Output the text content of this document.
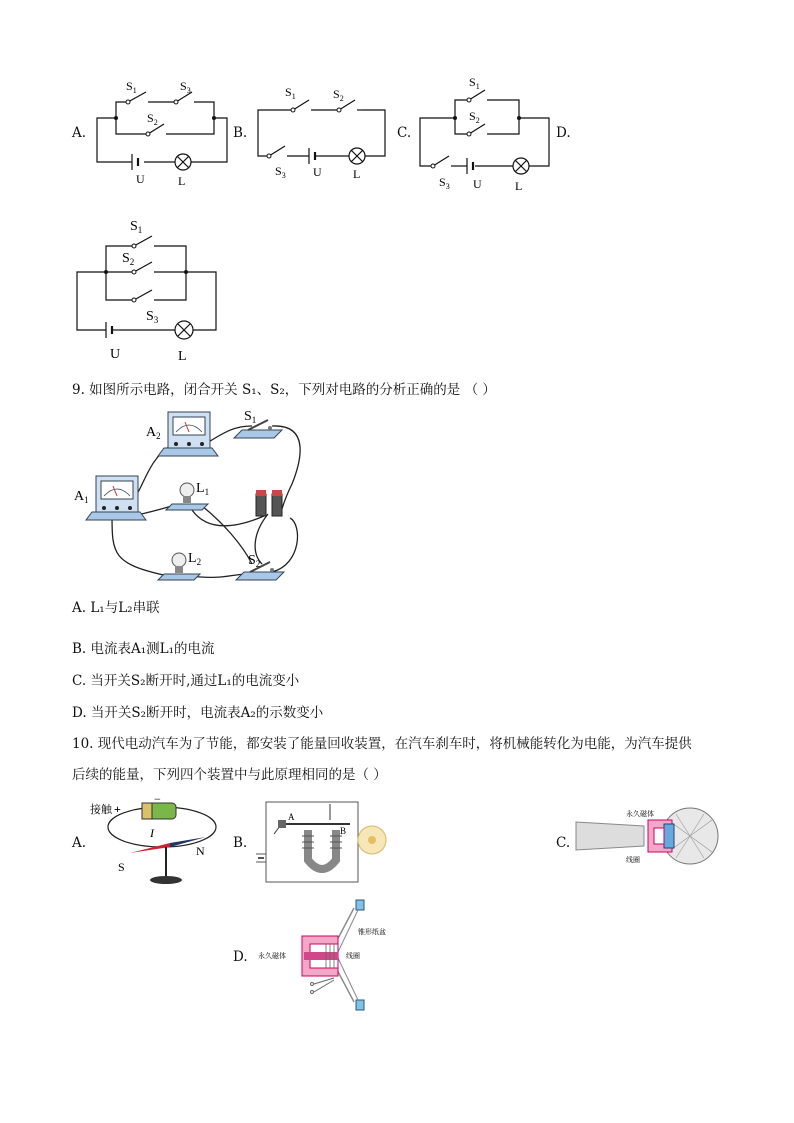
A.	B.	C.	D.
$S_1$	$S_3$
$S_2$
U	L
$S_1$	$S_2$
$S_3$ U	L
$S_1$
$S_2$
$S_3$ U	L
$S_1$
$S_2$
$S_3$
U	L
9. 如图所示电路，闭合开关 S₁、S₂，下列对电路的分析正确的是 （ ）
$A_2$
$A_1$
$S_1$
$L_1$
$L_2$	$S_2$
A. L₁与L₂串联
B. 电流表A₁测L₁的电流
C. 当开关S₂断开时,通过L₁的电流变小
D. 当开关S₂断开时，电流表A₂的示数变小
10. 现代电动汽车为了节能，都安装了能量回收装置，在汽车刹车时，将机械能转化为电能，为汽车提供
后续的能量，下列四个装置中与此原理相同的是（ ）
A.	B.	C.
D.
接触 +
−
I
S
N
A
B
永久磁体
线圈
锥形纸盆
永久磁体	线圈
